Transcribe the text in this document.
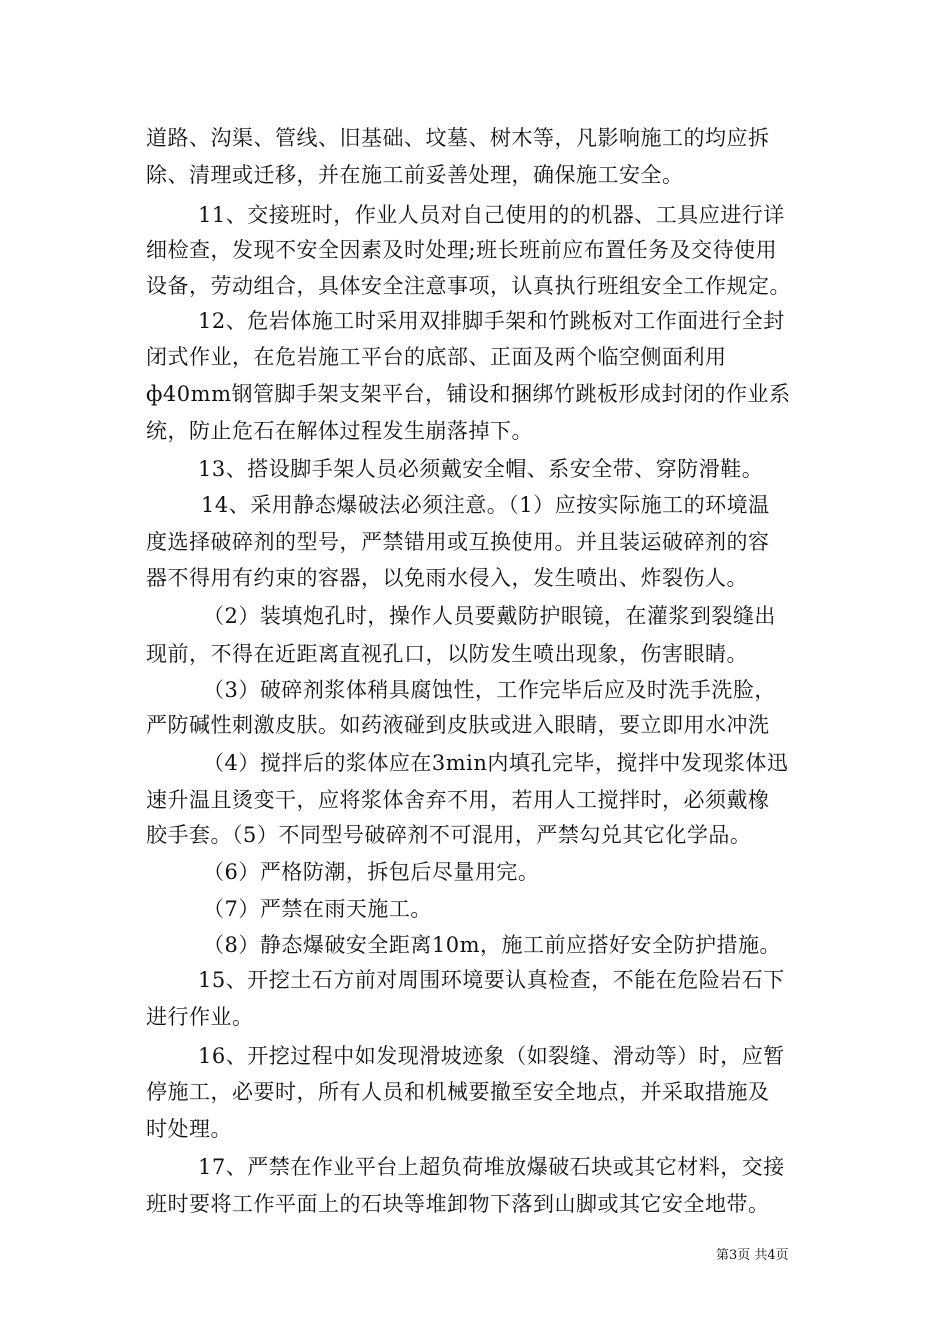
道路、沟渠、管线、旧基础、坟墓、树木等，凡影响施工的均应拆
除、清理或迁移，并在施工前妥善处理，确保施工安全。
11、交接班时，作业人员对自己使用的的机器、工具应进行详
细检查，发现不安全因素及时处理;班长班前应布置任务及交待使用
设备，劳动组合，具体安全注意事项，认真执行班组安全工作规定。
12、危岩体施工时采用双排脚手架和竹跳板对工作面进行全封
闭式作业，在危岩施工平台的底部、正面及两个临空侧面利用
ф40mm钢管脚手架支架平台，铺设和捆绑竹跳板形成封闭的作业系
统，防止危石在解体过程发生崩落掉下。
13、搭设脚手架人员必须戴安全帽、系安全带、穿防滑鞋。
14、采用静态爆破法必须注意。（1）应按实际施工的环境温
度选择破碎剂的型号，严禁错用或互换使用。并且装运破碎剂的容
器不得用有约束的容器，以免雨水侵入，发生喷出、炸裂伤人。
（2）装填炮孔时，操作人员要戴防护眼镜，在灌浆到裂缝出
现前，不得在近距离直视孔口，以防发生喷出现象，伤害眼睛。
（3）破碎剂浆体稍具腐蚀性，工作完毕后应及时洗手洗脸，
严防碱性刺激皮肤。如药液碰到皮肤或进入眼睛，要立即用水冲洗
（4）搅拌后的浆体应在3min内填孔完毕，搅拌中发现浆体迅
速升温且烫变干，应将浆体舍弃不用，若用人工搅拌时，必须戴橡
胶手套。（5）不同型号破碎剂不可混用，严禁勾兑其它化学品。
（6）严格防潮，拆包后尽量用完。
（7）严禁在雨天施工。
（8）静态爆破安全距离10m，施工前应搭好安全防护措施。
15、开挖土石方前对周围环境要认真检查，不能在危险岩石下
进行作业。
16、开挖过程中如发现滑坡迹象（如裂缝、滑动等）时，应暂
停施工，必要时，所有人员和机械要撤至安全地点，并采取措施及
时处理。
17、严禁在作业平台上超负荷堆放爆破石块或其它材料，交接
班时要将工作平面上的石块等堆卸物下落到山脚或其它安全地带。
第3页 共4页
